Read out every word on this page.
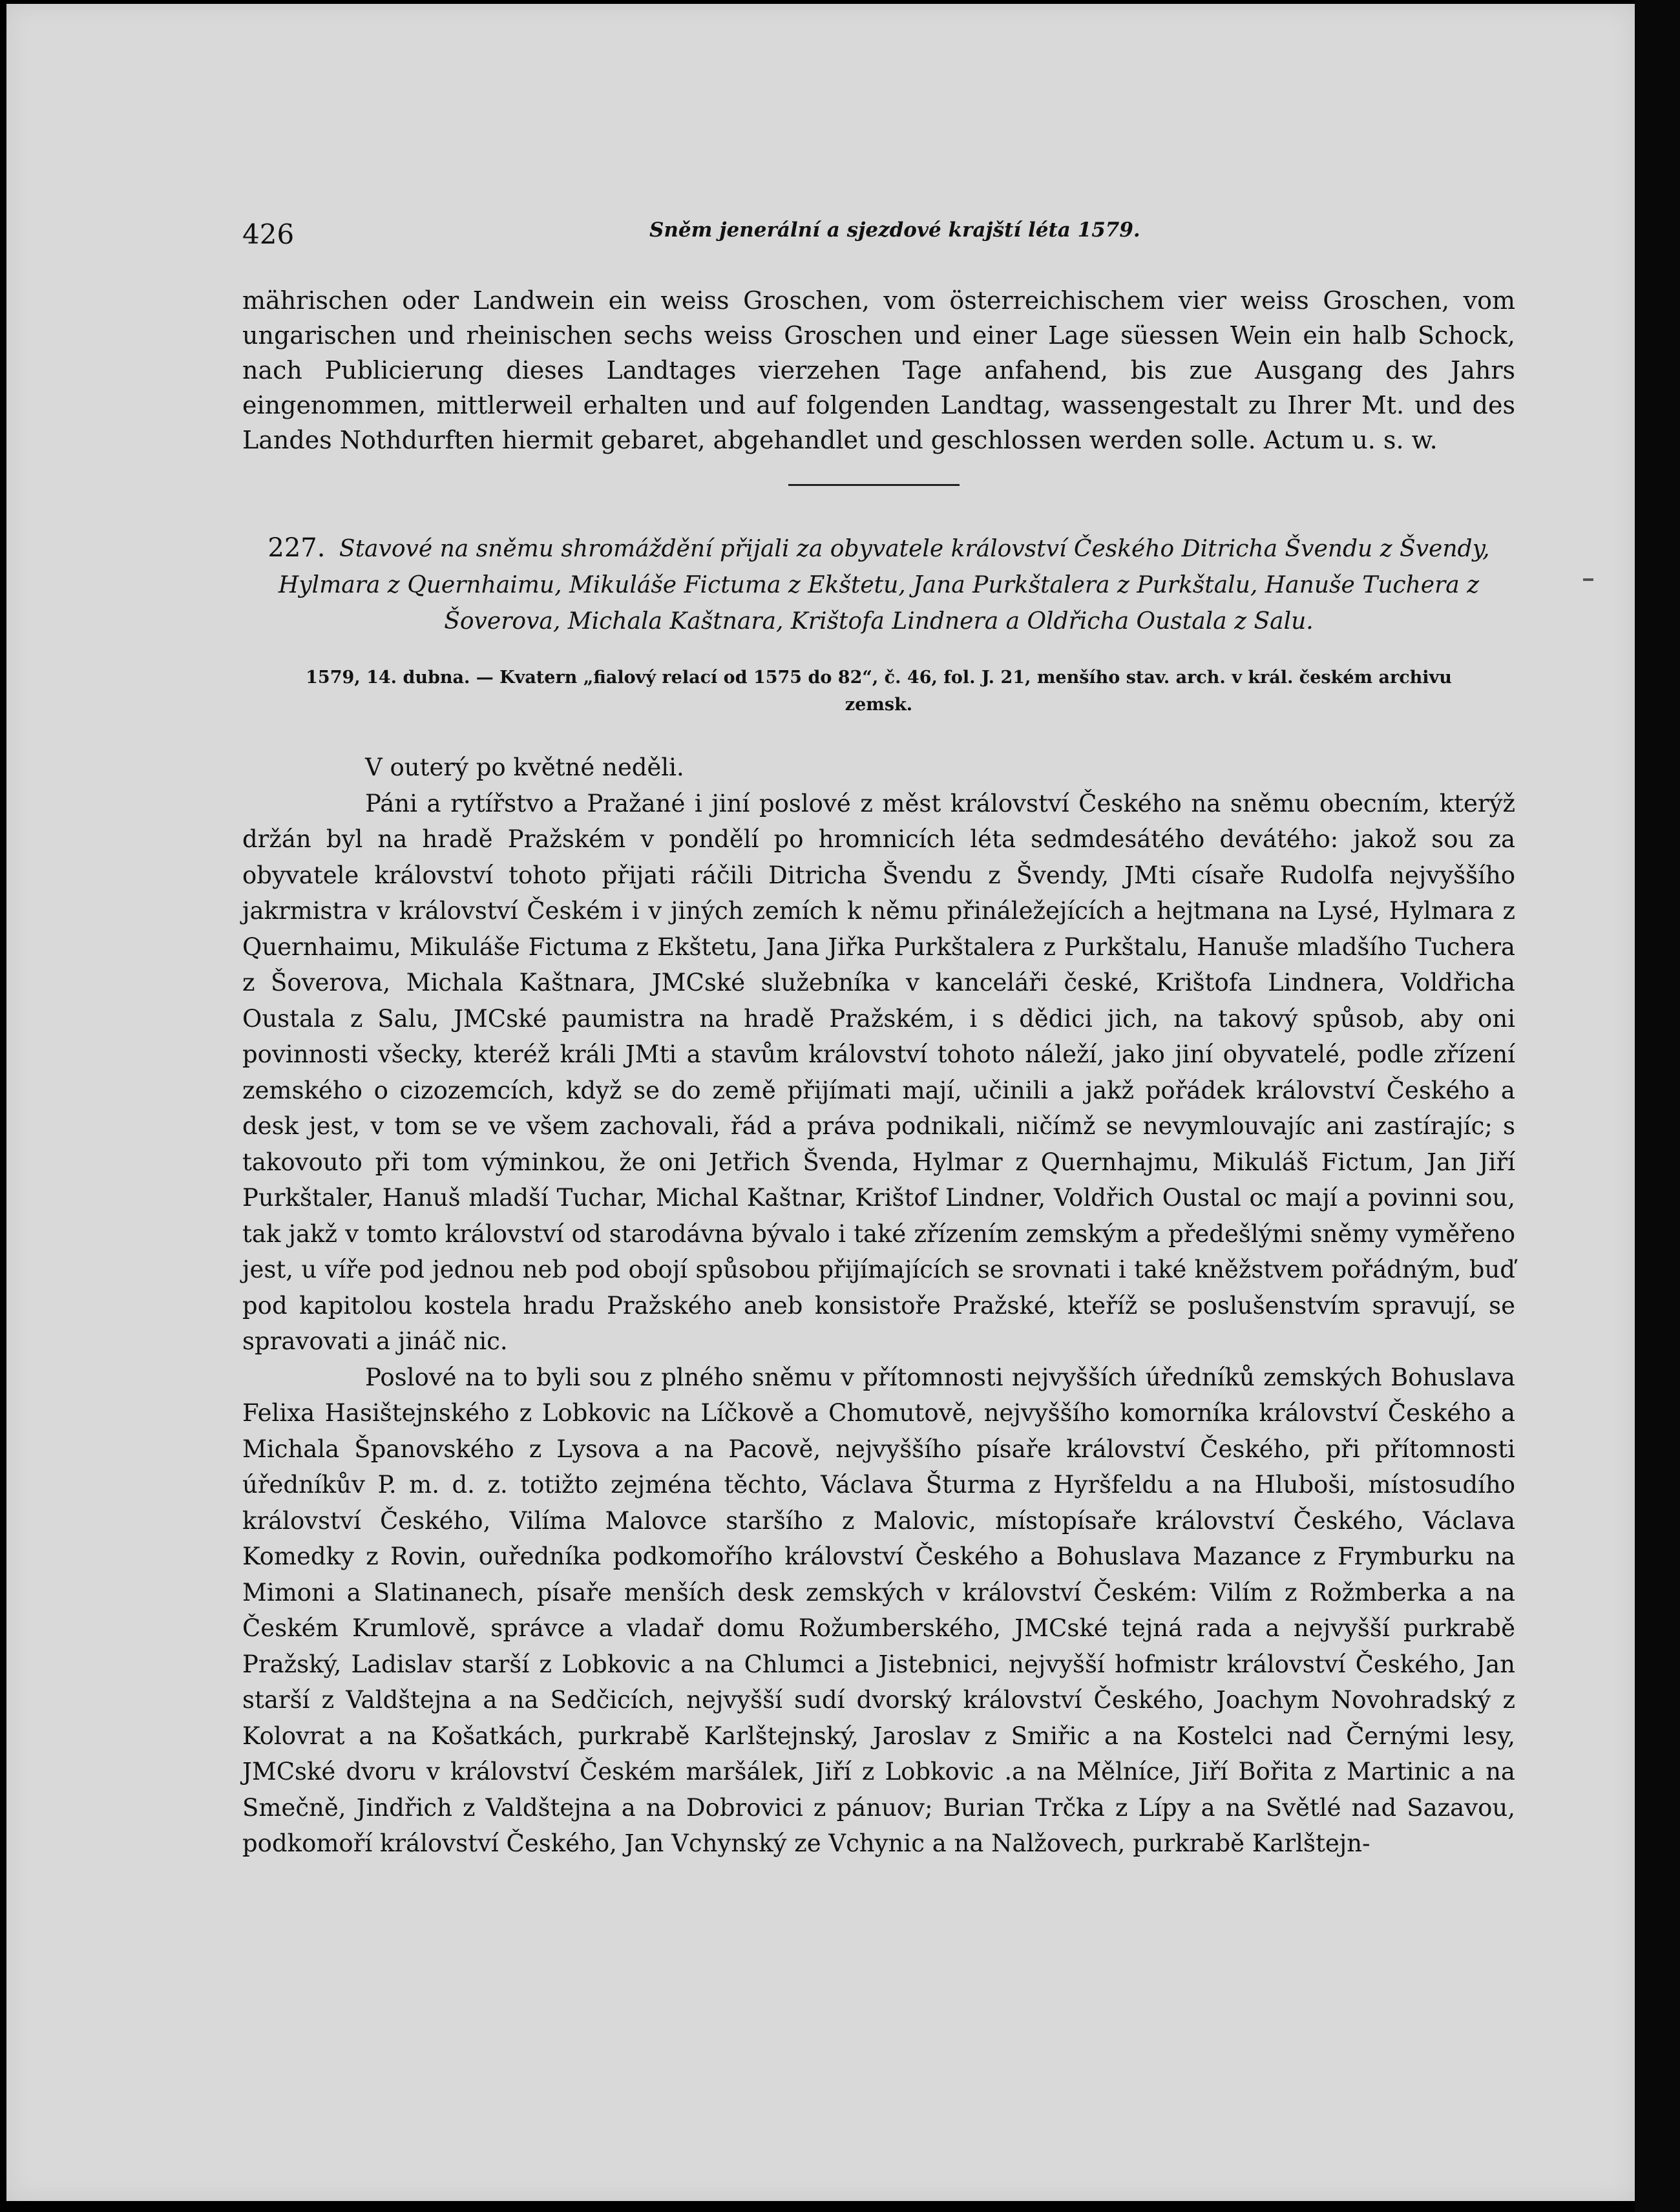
426	Sněm jenerální a sjezdové krajští léta 1579.
mährischen oder Landwein ein weiss Groschen, vom österreichischem vier weiss Groschen, vom ungarischen und rheinischen sechs weiss Groschen und einer Lage süessen Wein ein halb Schock, nach Publicierung dieses Landtages vierzehen Tage anfahend, bis zue Ausgang des Jahrs eingenommen, mittlerweil erhalten und auf folgenden Landtag, wassengestalt zu Ihrer Mt. und des Landes Nothdurften hiermit gebaret, abgehandlet und geschlossen werden solle. Actum u. s. w.
227. Stavové na sněmu shromáždění přijali za obyvatele království Českého Ditricha Švendu z Švendy, Hylmara z Quernhaimu, Mikuláše Fictuma z Ekštetu, Jana Purkštalera z Purkštalu, Hanuše Tuchera z Šoverova, Michala Kaštnara, Krištofa Lindnera a Oldřicha Oustala z Salu.
1579, 14. dubna. — Kvatern „fialový relací od 1575 do 82“, č. 46, fol. J. 21, menšího stav. arch. v král. českém archivu zemsk.

V outerý po květné neděli.

Páni a rytířstvo a Pražané i jiní poslové z měst království Českého na sněmu obecním, kterýž držán byl na hradě Pražském v pondělí po hromnicích léta sedmdesátého devátého: jakož sou za obyvatele království tohoto přijati ráčili Ditricha Švendu z Švendy, JMti císaře Rudolfa nejvyššího jakrmistra v království Českém i v jiných zemích k němu přináležejících a hejtmana na Lysé, Hylmara z Quernhaimu, Mikuláše Fictuma z Ekštetu, Jana Jiřka Purkštalera z Purkštalu, Hanuše mladšího Tuchera z Šoverova, Michala Kaštnara, JMCské služebníka v kanceláři české, Krištofa Lindnera, Voldřicha Oustala z Salu, JMCské paumistra na hradě Pražském, i s dědici jich, na takový spůsob, aby oni povinnosti všecky, kteréž králi JMti a stavům království tohoto náleží, jako jiní obyvatelé, podle zřízení zemského o cizozemcích, když se do země přijímati mají, učinili a jakž pořádek království Českého a desk jest, v tom se ve všem zachovali, řád a práva podnikali, ničímž se nevymlouvajíc ani zastírajíc; s takovouto při tom výminkou, že oni Jetřich Švenda, Hylmar z Quernhajmu, Mikuláš Fictum, Jan Jiří Purkštaler, Hanuš mladší Tuchar, Michal Kaštnar, Krištof Lindner, Voldřich Oustal oc mají a povinni sou, tak jakž v tomto království od starodávna bývalo i také zřízením zemským a předešlými sněmy vyměřeno jest, u víře pod jednou neb pod obojí spůsobou přijímajících se srovnati i také kněžstvem pořádným, buď pod kapitolou kostela hradu Pražského aneb konsistoře Pražské, kteříž se poslušenstvím spravují, se spravovati a jináč nic.

Poslové na to byli sou z plného sněmu v přítomnosti nejvyšších úředníků zemských Bohuslava Felixa Hasištejnského z Lobkovic na Líčkově a Chomutově, nejvyššího komorníka království Českého a Michala Španovského z Lysova a na Pacově, nejvyššího písaře království Českého, při přítomnosti úředníkův P. m. d. z. totižto zejména těchto, Václava Šturma z Hyršfeldu a na Hluboši, místosudího království Českého, Vilíma Malovce staršího z Malovic, místopísaře království Českého, Václava Komedky z Rovin, ouředníka podkomořího království Českého a Bohuslava Mazance z Frymburku na Mimoni a Slatinanech, písaře menších desk zemských v království Českém: Vilím z Rožmberka a na Českém Krumlově, správce a vladař domu Rožumberského, JMCské tejná rada a nejvyšší purkrabě Pražský, Ladislav starší z Lobkovic a na Chlumci a Jistebnici, nejvyšší hofmistr království Českého, Jan starší z Valdštejna a na Sedčicích, nejvyšší sudí dvorský království Českého, Joachym Novohradský z Kolovrat a na Košatkách, purkrabě Karlštejnský, Jaroslav z Smiřic a na Kostelci nad Černými lesy, JMCské dvoru v království Českém maršálek, Jiří z Lobkovic .a na Mělníce, Jiří Bořita z Martinic a na Smečně, Jindřich z Valdštejna a na Dobrovici z pánuov; Burian Trčka z Lípy a na Světlé nad Sazavou, podkomoří království Českého, Jan Vchynský ze Vchynic a na Nalžovech, purkrabě Karlštejn-
